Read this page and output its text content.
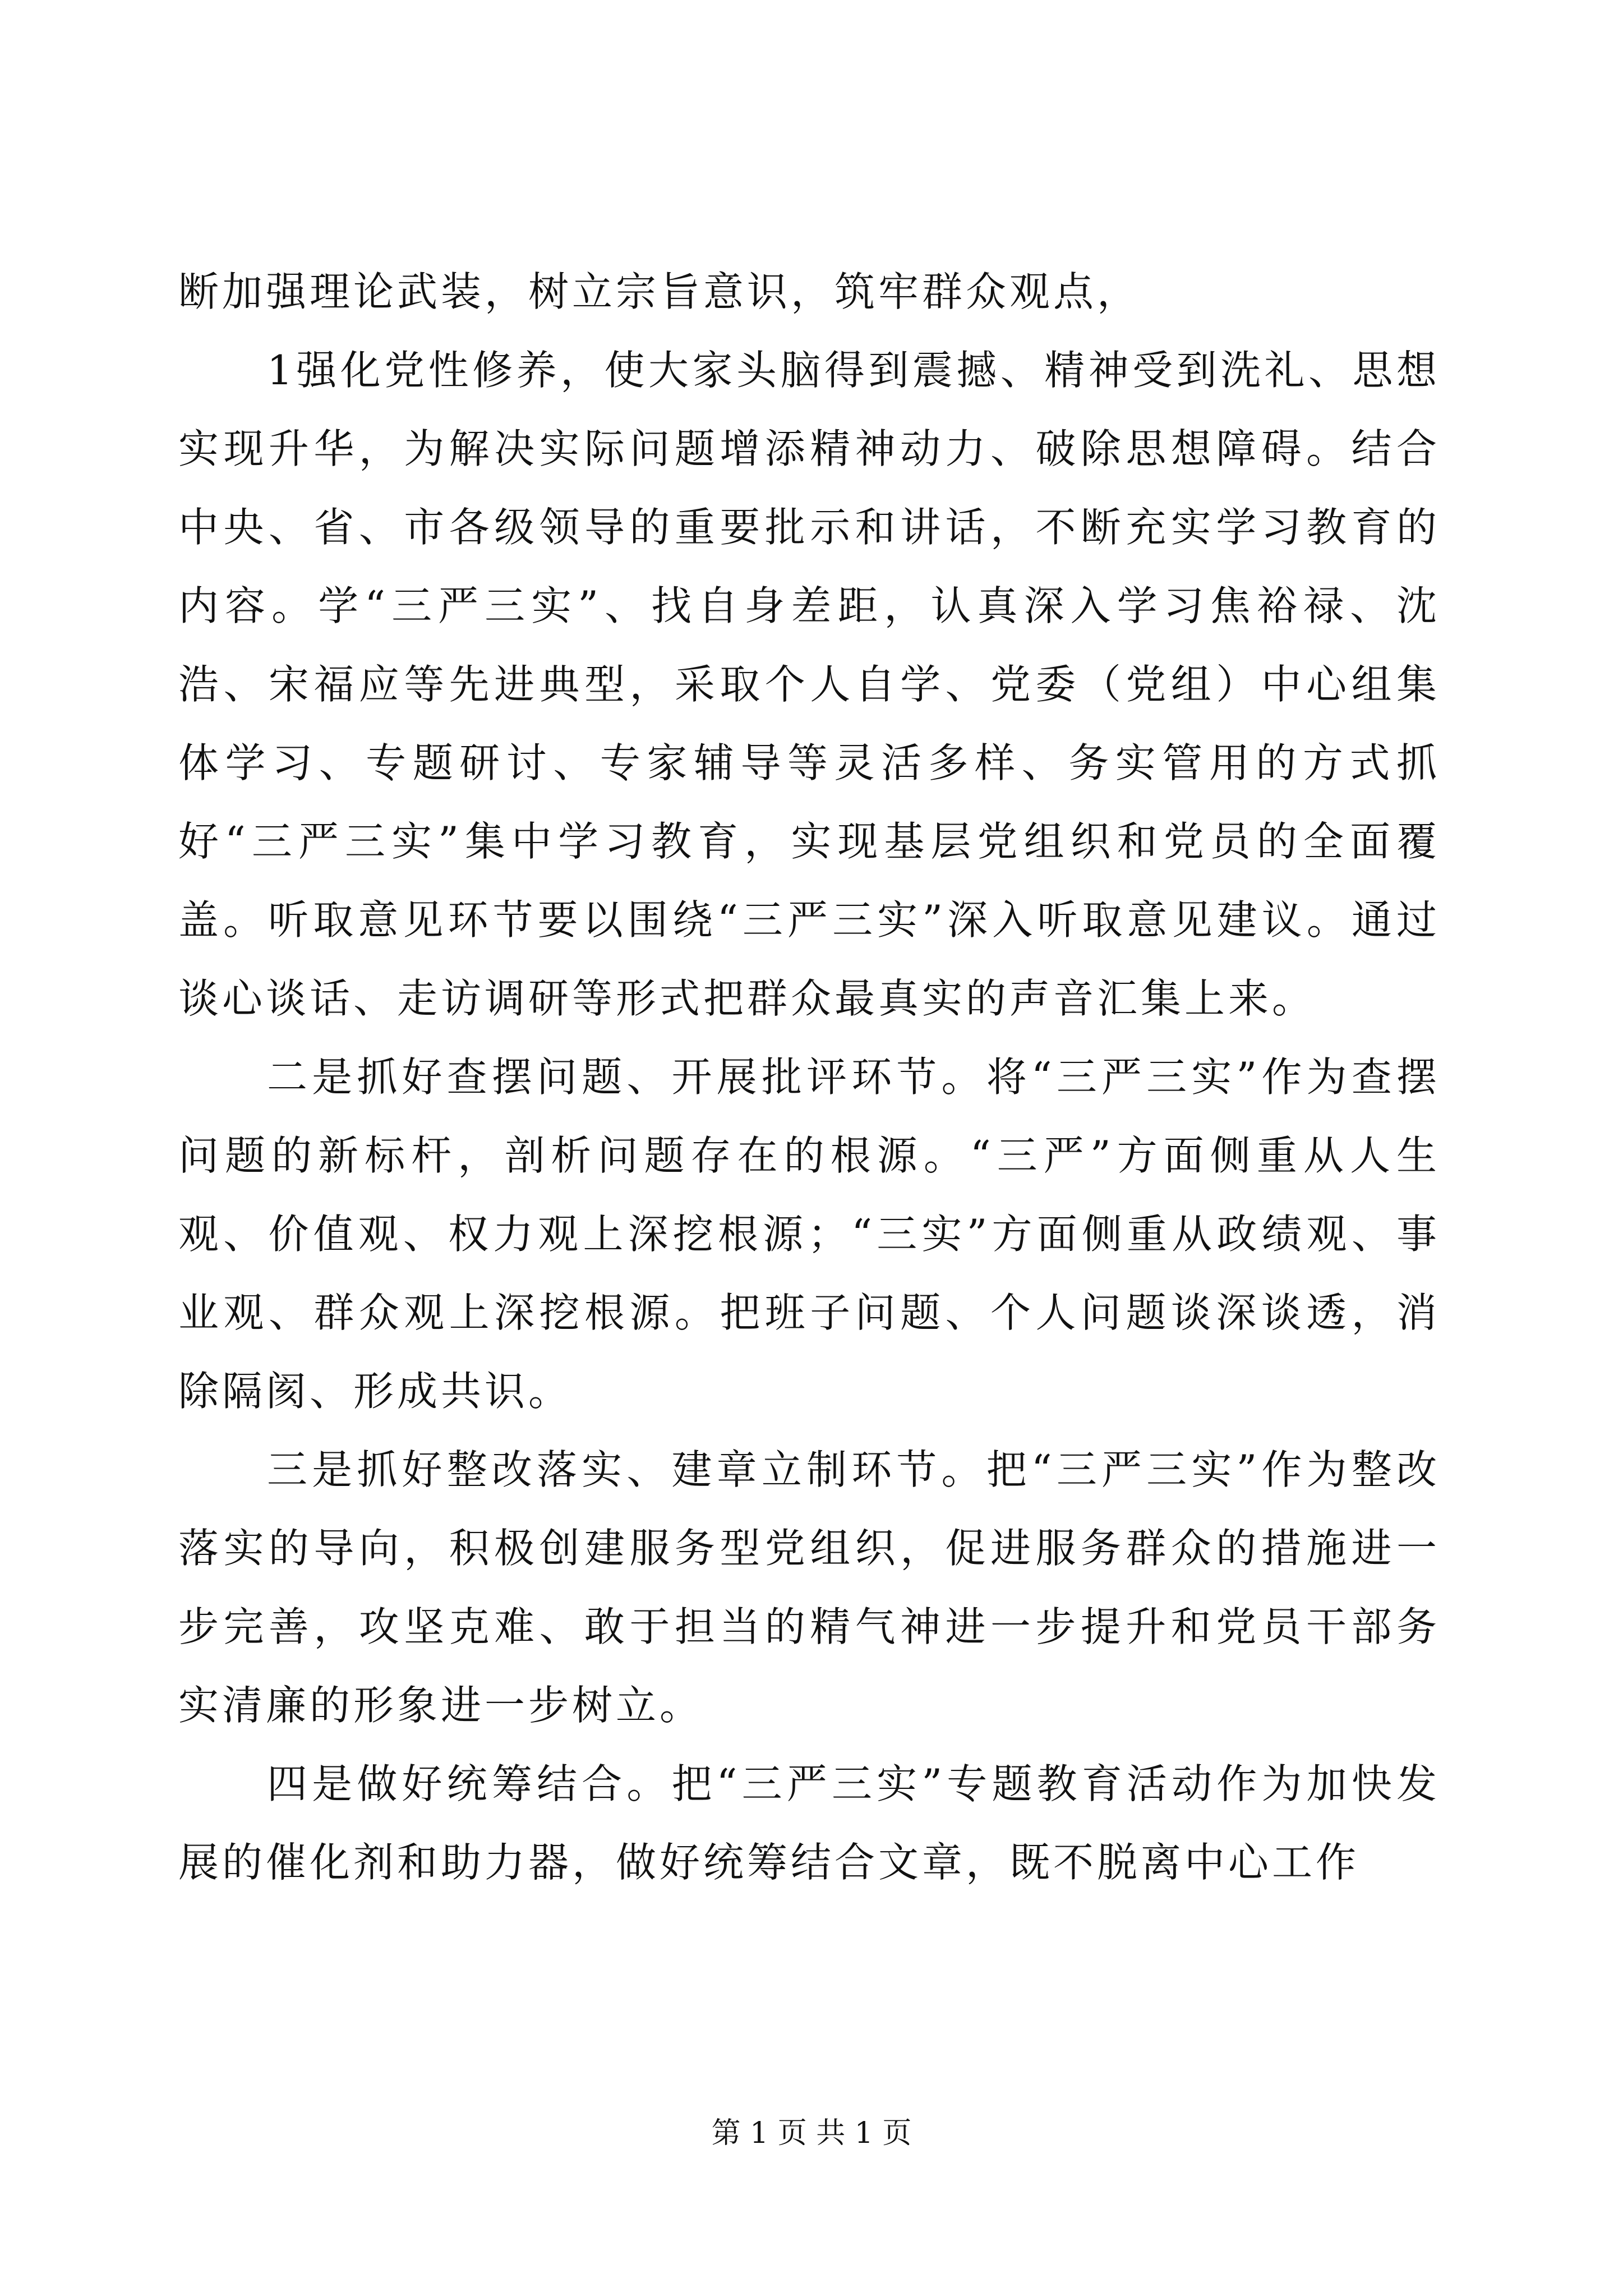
断加强理论武装，树立宗旨意识，筑牢群众观点，

1强化党性修养，使大家头脑得到震撼、精神受到洗礼、思想实现升华，为解决实际问题增添精神动力、破除思想障碍。结合中央、省、市各级领导的重要批示和讲话，不断充实学习教育的内容。学“三严三实”、找自身差距，认真深入学习焦裕禄、沈浩、宋福应等先进典型，采取个人自学、党委（党组）中心组集体学习、专题研讨、专家辅导等灵活多样、务实管用的方式抓好“三严三实”集中学习教育，实现基层党组织和党员的全面覆盖。听取意见环节要以围绕“三严三实”深入听取意见建议。通过谈心谈话、走访调研等形式把群众最真实的声音汇集上来。

二是抓好查摆问题、开展批评环节。将“三严三实”作为查摆问题的新标杆，剖析问题存在的根源。“三严”方面侧重从人生观、价值观、权力观上深挖根源；“三实”方面侧重从政绩观、事业观、群众观上深挖根源。把班子问题、个人问题谈深谈透，消除隔阂、形成共识。

三是抓好整改落实、建章立制环节。把“三严三实”作为整改落实的导向，积极创建服务型党组织，促进服务群众的措施进一步完善，攻坚克难、敢于担当的精气神进一步提升和党员干部务实清廉的形象进一步树立。

四是做好统筹结合。把“三严三实”专题教育活动作为加快发展的催化剂和助力器，做好统筹结合文章，既不脱离中心工作

第 1 页 共 1 页
